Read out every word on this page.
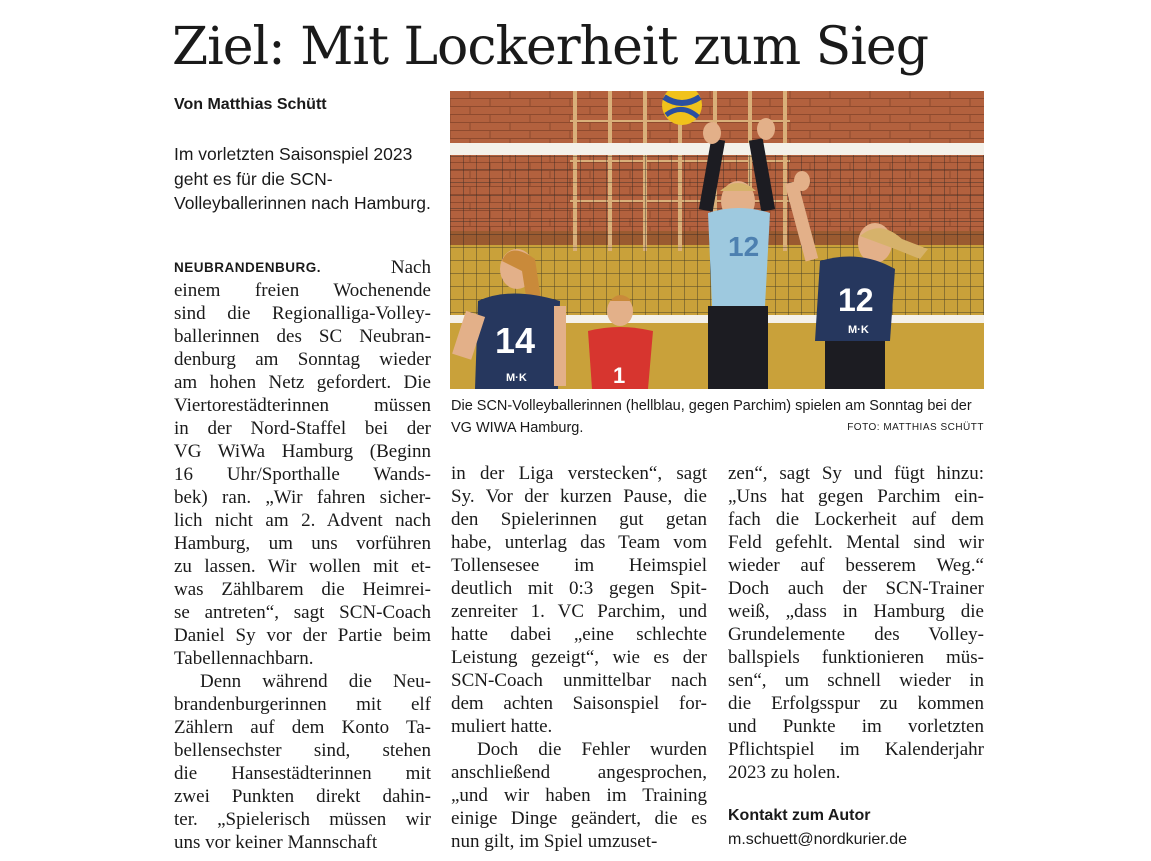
Ziel: Mit Lockerheit zum Sieg
Von Matthias Schütt
Im vorletzten Saisonspiel 2023 geht es für die SCN-Volleyballerinnen nach Hamburg.
NEUBRANDENBURG.	Nach
einem freien Wochenende
sind die Regionalliga-Volley-
ballerinnen des SC Neubran-
denburg am Sonntag wieder
am hohen Netz gefordert. Die
Viertorestädterinnen müssen
in der Nord-Staffel bei der
VG WiWa Hamburg (Beginn
16 Uhr/Sporthalle Wands-
bek) ran. „Wir fahren sicher-
lich nicht am 2. Advent nach
Hamburg, um uns vorführen
zu lassen. Wir wollen mit et-
was Zählbarem die Heimrei-
se antreten“, sagt SCN-Coach
Daniel Sy vor der Partie beim
Tabellennachbarn.
Denn während die Neu-
brandenburgerinnen mit elf
Zählern auf dem Konto Ta-
bellensechster sind, stehen
die Hansestädterinnen mit
zwei Punkten direkt dahin-
ter. „Spielerisch müssen wir
uns vor keiner Mannschaft
in der Liga verstecken“, sagt
Sy. Vor der kurzen Pause, die
den Spielerinnen gut getan
habe, unterlag das Team vom
Tollensesee im Heimspiel
deutlich mit 0:3 gegen Spit-
zenreiter 1. VC Parchim, und
hatte dabei „eine schlechte
Leistung gezeigt“, wie es der
SCN-Coach unmittelbar nach
dem achten Saisonspiel for-
muliert hatte.
Doch die Fehler wurden
anschließend angesprochen,
„und wir haben im Training
einige Dinge geändert, die es
nun gilt, im Spiel umzuset-
zen“, sagt Sy und fügt hinzu:
„Uns hat gegen Parchim ein-
fach die Lockerheit auf dem
Feld gefehlt. Mental sind wir
wieder auf besserem Weg.“
Doch auch der SCN-Trainer
weiß, „dass in Hamburg die
Grundelemente des Volley-
ballspiels funktionieren müs-
sen“, um schnell wieder in
die Erfolgsspur zu kommen
und Punkte im vorletzten
Pflichtspiel im Kalenderjahr
2023 zu holen.
14
M·K	1
12
12
M·K
Die SCN-Volleyballerinnen (hellblau, gegen Parchim) spielen am Sonntag bei der VG WIWA Hamburg.	FOTO: MATTHIAS SCHÜTT
Kontakt zum Autor
m.schuett@nordkurier.de
